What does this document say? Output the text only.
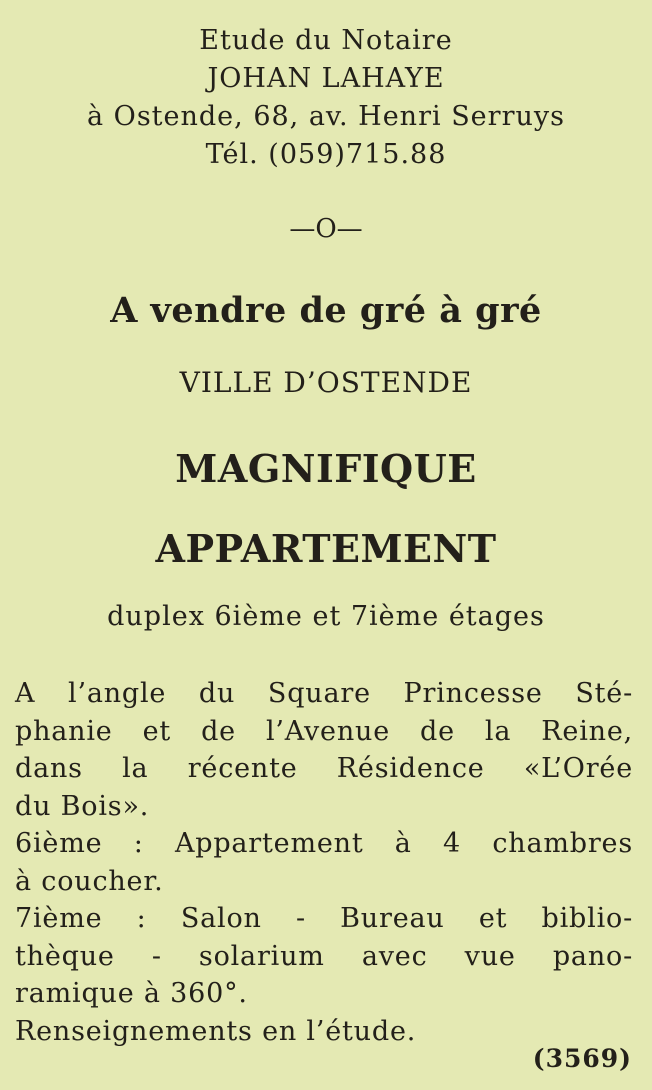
Etude du Notaire
JOHAN LAHAYE
à Ostende, 68, av. Henri Serruys
Tél. (059)715.88
—O—
A vendre de gré à gré
VILLE D’OSTENDE
MAGNIFIQUE
APPARTEMENT
duplex 6ième et 7ième étages
A l’angle du Square Princesse Sté-
phanie et de l’Avenue de la Reine,
dans la récente Résidence «L’Orée
du Bois».
6ième : Appartement à 4 chambres
à coucher.
7ième : Salon - Bureau et biblio-
thèque - solarium avec vue pano-
ramique à 360°.
Renseignements en l’étude.
(3569)
